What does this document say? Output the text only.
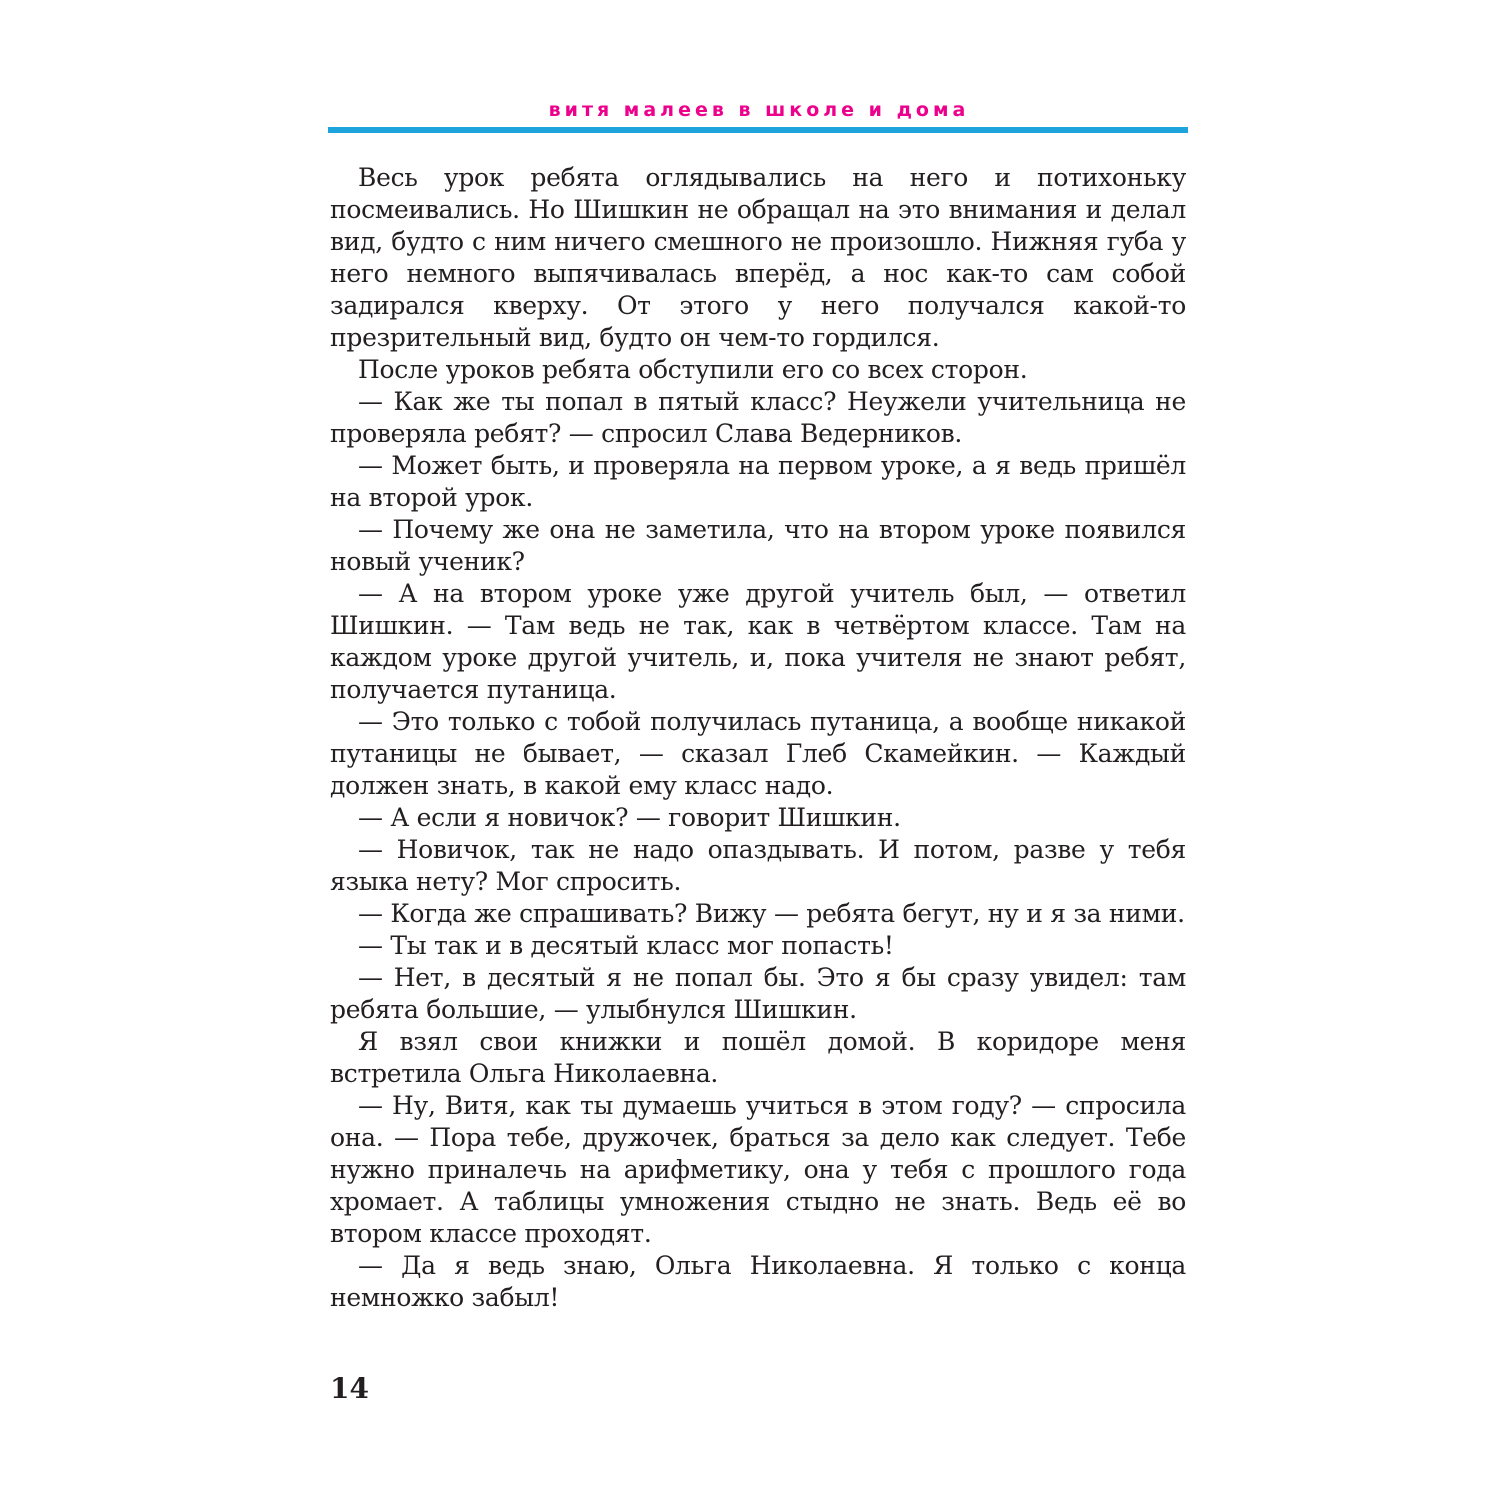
витя малеев в школе и дома

Весь урок ребята оглядывались на него и потихоньку посмеивались. Но Шишкин не обращал на это внимания и делал вид, будто с ним ничего смешного не произошло. Нижняя губа у него немного выпячивалась вперёд, а нос как-то сам собой задирался кверху. От этого у него получался какой-то презрительный вид, будто он чем-то гордился.

После уроков ребята обступили его со всех сторон.

— Как же ты попал в пятый класс? Неужели учительница не проверяла ребят? — спросил Слава Ведерников.

— Может быть, и проверяла на первом уроке, а я ведь пришёл на второй урок.

— Почему же она не заметила, что на втором уроке появился новый ученик?

— А на втором уроке уже другой учитель был, — ответил Шишкин. — Там ведь не так, как в четвёртом классе. Там на каждом уроке другой учитель, и, пока учителя не знают ребят, получается путаница.

— Это только с тобой получилась путаница, а вообще никакой путаницы не бывает, — сказал Глеб Скамейкин. — Каждый должен знать, в какой ему класс надо.

— А если я новичок? — говорит Шишкин.

— Новичок, так не надо опаздывать. И потом, разве у тебя языка нету? Мог спросить.

— Когда же спрашивать? Вижу — ребята бегут, ну и я за ними.

— Ты так и в десятый класс мог попасть!

— Нет, в десятый я не попал бы. Это я бы сразу увидел: там ребята большие, — улыбнулся Шишкин.

Я взял свои книжки и пошёл домой. В коридоре меня встретила Ольга Николаевна.

— Ну, Витя, как ты думаешь учиться в этом году? — спросила она. — Пора тебе, дружочек, браться за дело как следует. Тебе нужно приналечь на арифметику, она у тебя с прошлого года хромает. А таблицы умножения стыдно не знать. Ведь её во втором классе проходят.

— Да я ведь знаю, Ольга Николаевна. Я только с конца немножко забыл!

14
